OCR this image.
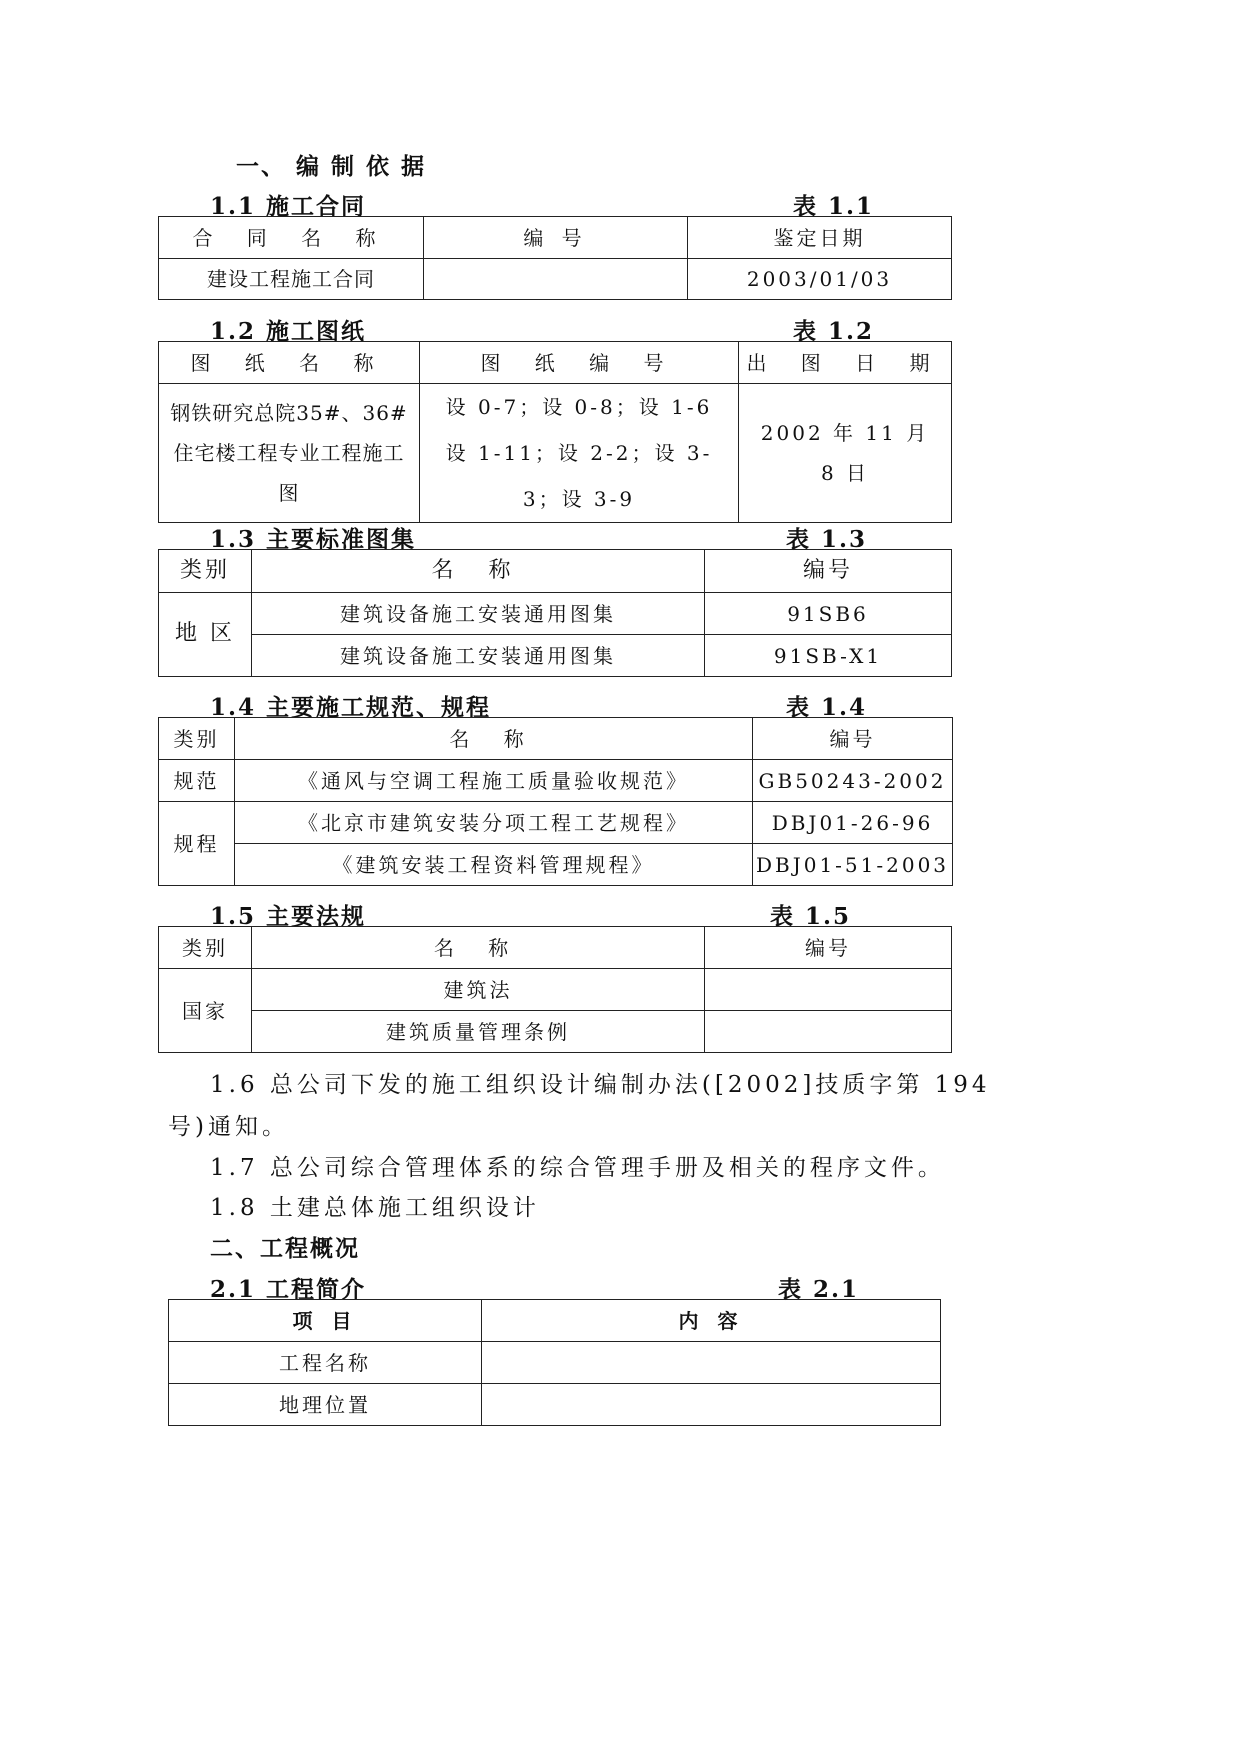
一、 编 制 依 据
1.1 施工合同	表 1.1
合 同 名 称	编 号	鉴定日期
建设工程施工合同		2003/01/03
1.2 施工图纸	表 1.2
图 纸 名 称	图 纸 编 号	出 图 日 期
钢铁研究总院35#、36#住宅楼工程专业工程施工图	设 0-7；设 0-8；设 1-6 设 1-11；设 2-2；设 3-3；设 3-9	2002 年 11 月 8 日
1.3 主要标准图集	表 1.3
类别	名 称	编号
地 区	建筑设备施工安装通用图集	91SB6
	建筑设备施工安装通用图集	91SB-X1
1.4 主要施工规范、规程	表 1.4
类别	名 称	编号
规范	《通风与空调工程施工质量验收规范》	GB50243-2002
规程	《北京市建筑安装分项工程工艺规程》	DBJ01-26-96
	《建筑安装工程资料管理规程》	DBJ01-51-2003
1.5 主要法规	表 1.5
类别	名 称	编号
国家	建筑法	
	建筑质量管理条例	
1.6 总公司下发的施工组织设计编制办法([2002]技质字第 194
号)通知。
1.7 总公司综合管理体系的综合管理手册及相关的程序文件。
1.8 土建总体施工组织设计
二、工程概况
2.1 工程简介	表 2.1
项 目	内 容
工程名称	
地理位置	
